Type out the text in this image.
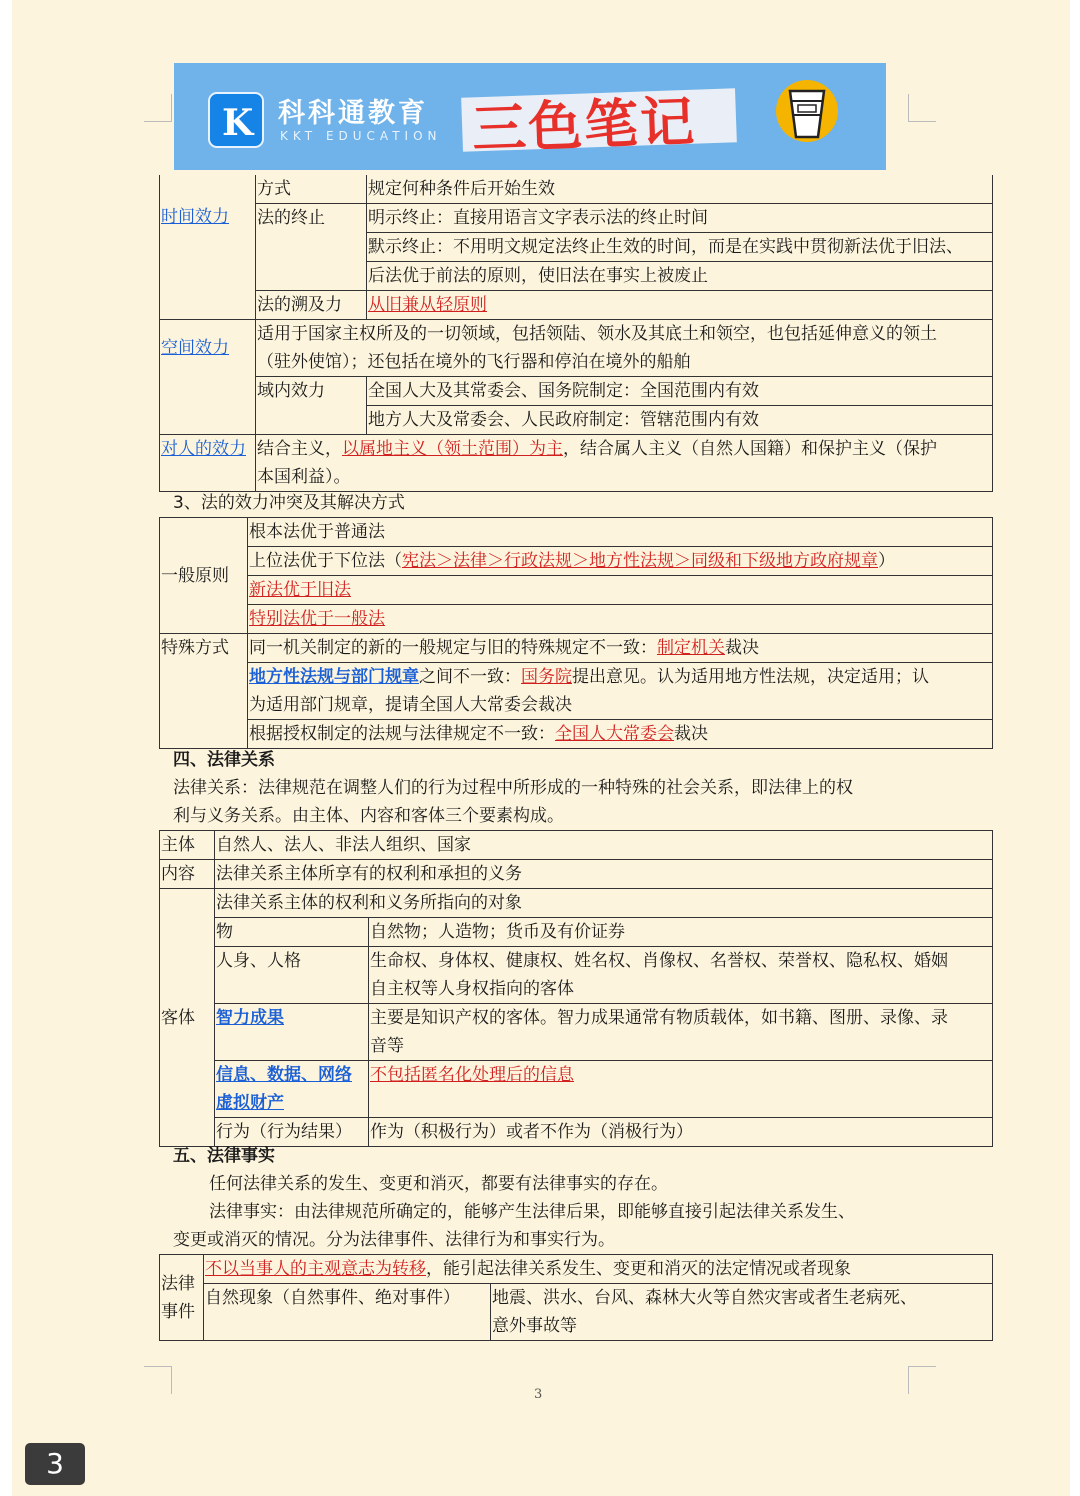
K 科科通教育
KKT EDUCATION 三色笔记
时间效力	方式	规定何种条件后开始生效
	法的终止	明示终止：直接用语言文字表示法的终止时间

		默示终止：不用明文规定法终止生效的时间，而是在实践中贯彻新法优于旧法、

		后法优于前法的原则，使旧法在事实上被废止

	法的溯及力	从旧兼从轻原则

空间效力	适用于国家主权所及的一切领域，包括领陆、领水及其底土和领空，也包括延伸意义的领土	
	（驻外使馆）；还包括在境外的飞行器和停泊在境外的船舶	
	域内效力	全国人大及其常委会、国务院制定：全国范围内有效
		地方人大及常委会、人民政府制定：管辖范围内有效
对人的效力	结合主义，以属地主义（领土范围）为主，结合属人主义（自然人国籍）和保护主义（保护	
	本国利益）。	
3、法的效力冲突及其解决方式
一般原则	根本法优于普通法
	上位法优于下位法（宪法＞法律＞行政法规＞地方性法规＞同级和下级地方政府规章）
	新法优于旧法
	特别法优于一般法
特殊方式	同一机关制定的新的一般规定与旧的特殊规定不一致：制定机关裁决
	地方性法规与部门规章之间不一致：国务院提出意见。认为适用地方性法规，决定适用；认
	为适用部门规章，提请全国人大常委会裁决
	根据授权制定的法规与法律规定不一致：全国人大常委会裁决
四、法律关系
法律关系：法律规范在调整人们的行为过程中所形成的一种特殊的社会关系，即法律上的权
利与义务关系。由主体、内容和客体三个要素构成。
主体	自然人、法人、非法人组织、国家	
内容	法律关系主体所享有的权利和承担的义务	
客体	法律关系主体的权利和义务所指向的对象	
	物	自然物；人造物；货币及有价证券
	人身、人格	生命权、身体权、健康权、姓名权、肖像权、名誉权、荣誉权、隐私权、婚姻
		自主权等人身权指向的客体
	智力成果	主要是知识产权的客体。智力成果通常有物质载体，如书籍、图册、录像、录
		音等
	信息、数据、网络	不包括匿名化处理后的信息
	虚拟财产	
	行为（行为结果）	作为（积极行为）或者不作为（消极行为）
五、法律事实
任何法律关系的发生、变更和消灭，都要有法律事实的存在。
法律事实：由法律规范所确定的，能够产生法律后果，即能够直接引起法律关系发生、
变更或消灭的情况。分为法律事件、法律行为和事实行为。
法律
事件	不以当事人的主观意志为转移，能引起法律关系发生、变更和消灭的法定情况或者现象	
	自然现象（自然事件、绝对事件）	地震、洪水、台风、森林大火等自然灾害或者生老病死、
		意外事故等
3
3
